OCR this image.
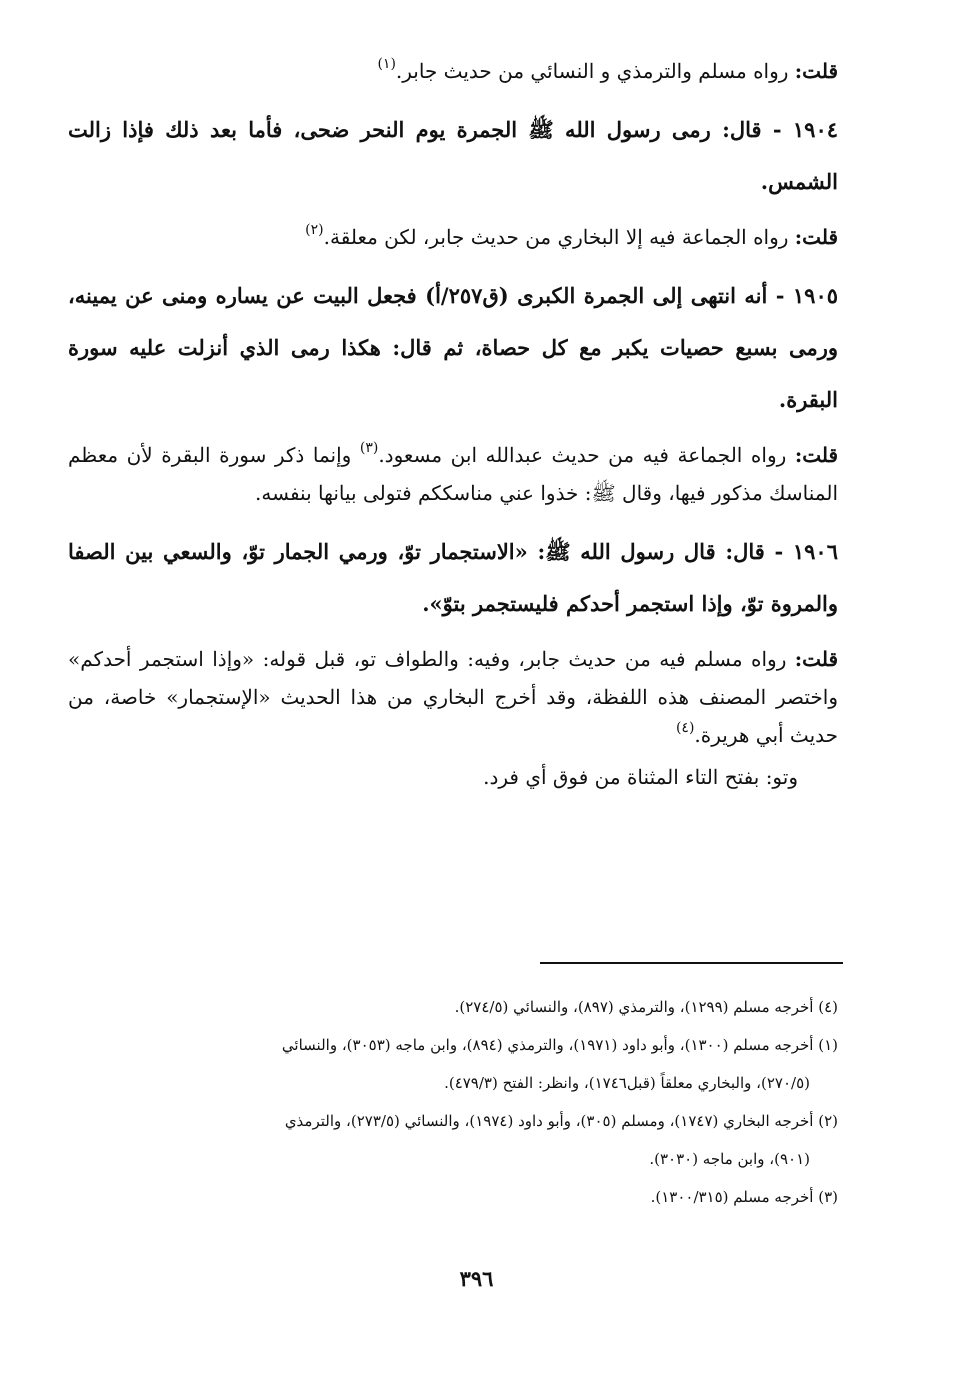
قلت: رواه مسلم والترمذي و النسائي من حديث جابر.$^{(١)}$

١٩٠٤ - قال: رمى رسول الله ﷺ الجمرة يوم النحر ضحى، فأما بعد ذلك فإذا زالت الشمس.

قلت: رواه الجماعة فيه إلا البخاري من حديث جابر، لكن معلقة.$^{(٢)}$

١٩٠٥ - أنه انتهى إلى الجمرة الكبرى (ق٢٥٧/أ) فجعل البيت عن يساره ومنى عن يمينه، ورمى بسبع حصيات يكبر مع كل حصاة، ثم قال: هكذا رمى الذي أنزلت عليه سورة البقرة.

قلت: رواه الجماعة فيه من حديث عبدالله ابن مسعود.$^{(٣)}$ وإنما ذكر سورة البقرة لأن معظم المناسك مذكور فيها، وقال ﷺ: خذوا عني مناسككم فتولى بيانها بنفسه.

١٩٠٦ - قال: قال رسول الله ﷺ: «الاستجمار توّ، ورمي الجمار توّ، والسعي بين الصفا والمروة توّ، وإذا استجمر أحدكم فليستجمر بتوّ».

قلت: رواه مسلم فيه من حديث جابر، وفيه: والطواف تو، قبل قوله: «وإذا استجمر أحدكم» واختصر المصنف هذه اللفظة، وقد أخرج البخاري من هذا الحديث «الإستجمار» خاصة، من حديث أبي هريرة.$^{(٤)}$

وتو: بفتح التاء المثناة من فوق أي فرد.

(٤) أخرجه مسلم (١٢٩٩)، والترمذي (٨٩٧)، والنسائي (٢٧٤/٥).

(١) أخرجه مسلم (١٣٠٠)، وأبو داود (١٩٧١)، والترمذي (٨٩٤)، وابن ماجه (٣٠٥٣)، والنسائي

(٢٧٠/٥)، والبخاري معلقاً (قبل١٧٤٦)، وانظر: الفتح (٤٧٩/٣).

(٢) أخرجه البخاري (١٧٤٧)، ومسلم (٣٠٥)، وأبو داود (١٩٧٤)، والنسائي (٢٧٣/٥)، والترمذي

(٩٠١)، وابن ماجه (٣٠٣٠).

(٣) أخرجه مسلم (١٣٠٠/٣١٥).

٣٩٦
